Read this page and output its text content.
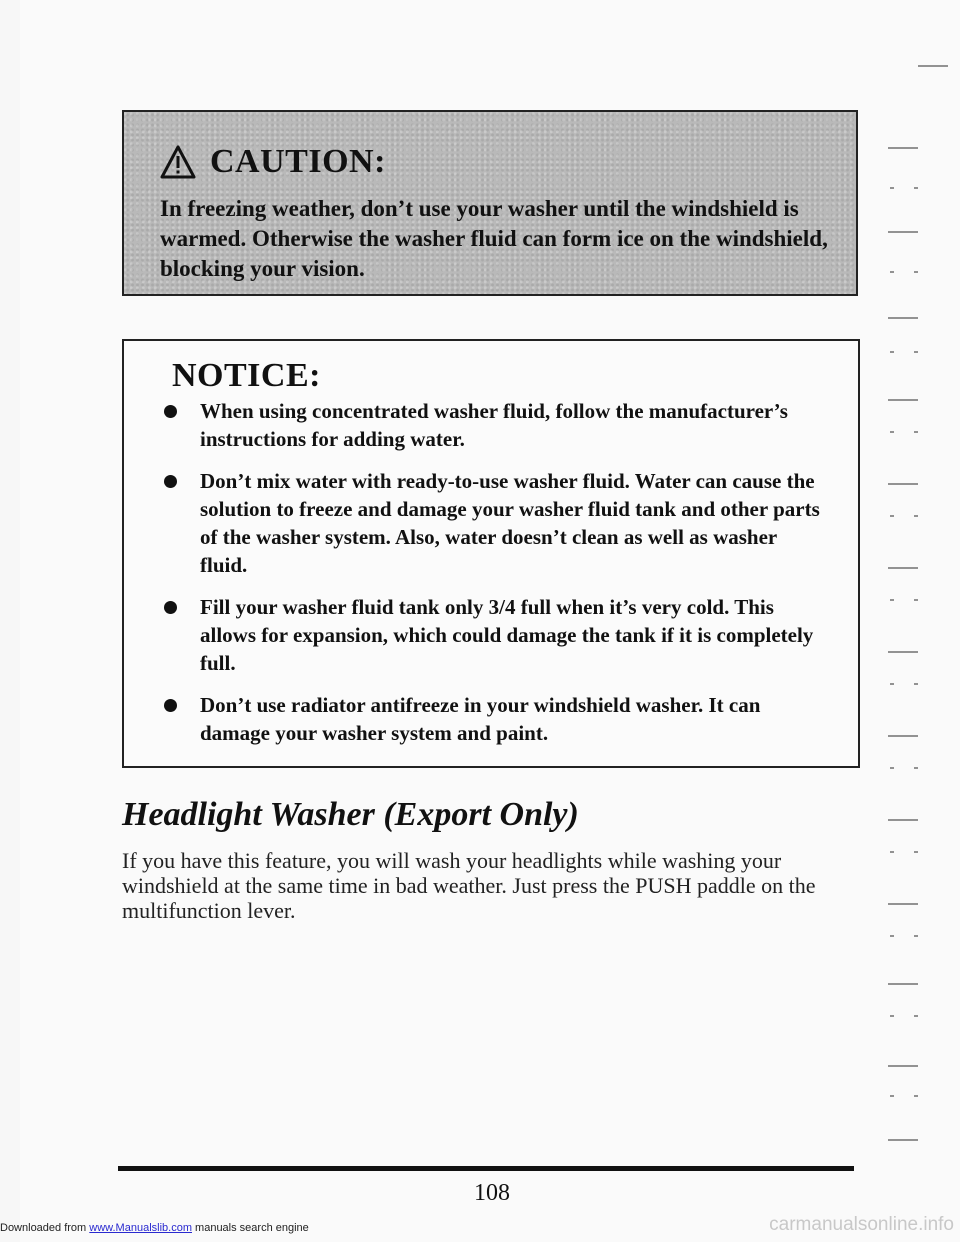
CAUTION:
In freezing weather, don’t use your washer until the windshield is warmed. Otherwise the washer fluid can form ice on the windshield, blocking your vision.
NOTICE:
When using concentrated washer fluid, follow the manufacturer’s instructions for adding water.
Don’t mix water with ready-to-use washer fluid. Water can cause the solution to freeze and damage your washer fluid tank and other parts of the washer system. Also, water doesn’t clean as well as washer fluid.
Fill your washer fluid tank only 3/4 full when it’s very cold. This allows for expansion, which could damage the tank if it is completely full.
Don’t use radiator antifreeze in your windshield washer. It can damage your washer system and paint.
Headlight Washer (Export Only)
If you have this feature, you will wash your headlights while washing your windshield at the same time in bad weather. Just press the PUSH paddle on the multifunction lever.
108
Downloaded from www.Manualslib.com manuals search engine	carmanualsonline.info
